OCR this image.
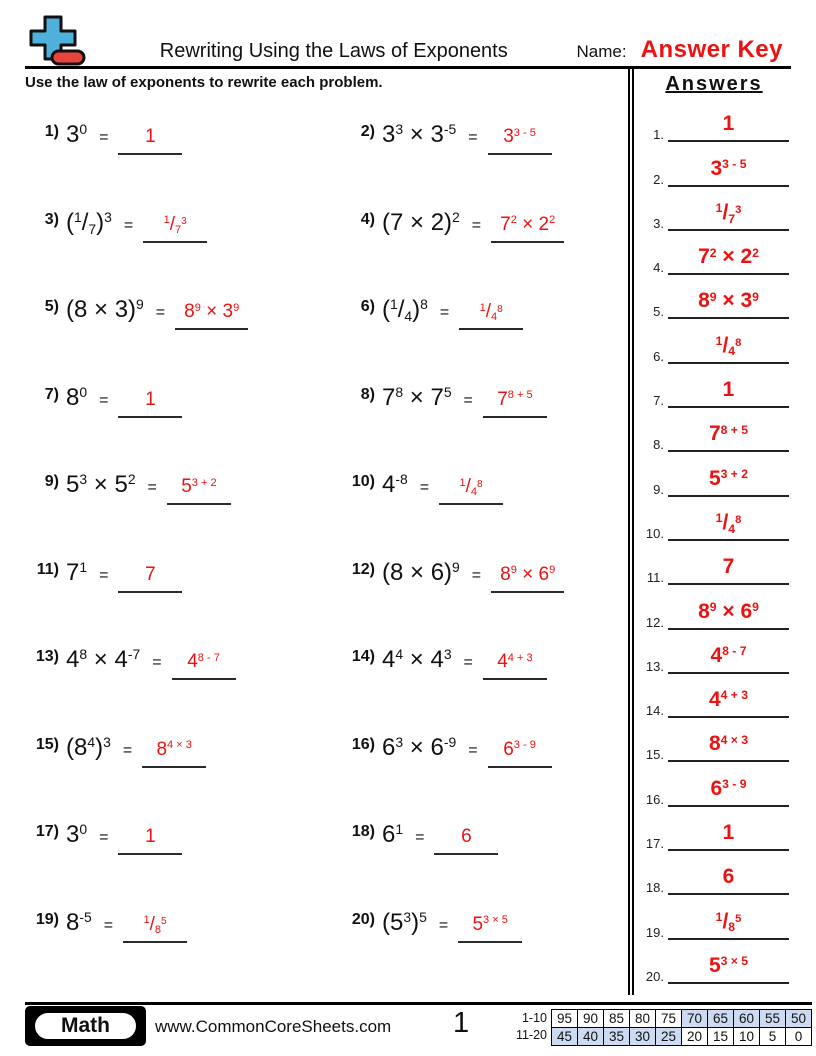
Rewriting Using the Laws of Exponents	Name: Answer Key

Use the law of exponents to rewrite each problem.

1) $3^0$ =	1	2) $3^3 \times 3^{-5}$ =	$3^{3 - 5}$
3) $(^1/7)^3$ =	$^1$/73	4) $(7 \times 2)^2$ =	$7^2 \times 2^2$
5) $(8 \times 3)^9$ =	$8^9 \times 3^9$	6) $(^1/4)^8$ =	$^1$/48
7) $8^0$ =	1	8) $7^8 \times 7^5$ =	$7^{8 + 5}$
9) $5^3 \times 5^2$ =	$5^{3 + 2}$	10) $4^{-8}$ =	$^1$/48
11) $7^1$ =	7	12) $(8 \times 6)^9$ =	$8^9 \times 6^9$
13) $4^8 \times 4^{-7}$ =	$4^{8 - 7}$	14) $4^4 \times 4^3$ =	$4^{4 + 3}$
15) $(8^4)^3$ =	$8^{4 \times 3}$	16) $6^3 \times 6^{-9}$ =	$6^{3 - 9}$
17) $3^0$ =	1	18) $6^1$ =	6
19) $8^{-5}$ =	$^1$/85	20) $(5^3)^5$ =	$5^{3 \times 5}$
Answers
1.	1
2.	3$^{3 - 5}$
3.
$^1$/73
4.	$7^2 \times 2^2$
5.	$8^9 \times 3^9$
6.
$^1$/48
7.	1
8.	$7^{8 + 5}$
9.	$5^{3 + 2}$
10.
$^1$/48
11.	7
12.	$8^9 \times 6^9$
13.	4$^{8 - 7}$
14.	$4^{4 + 3}$
15.	$8^{4 \times 3}$
16.	6$^{3 - 9}$
17.	1
18.	6
19.
$^1$/85
20.	$5^{3 \times 5}$
Math	www.CommonCoreSheets.com 1	1-10
11-20
95	90	85	80	75	70	65	60	55	50
45	40	35	30	25	20	15	10	5	0
